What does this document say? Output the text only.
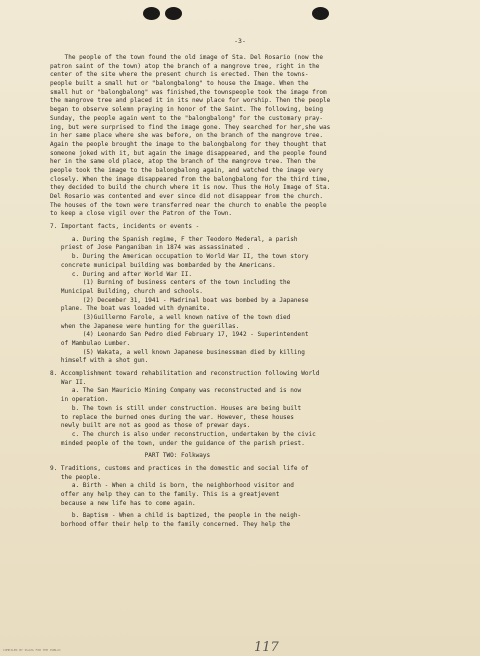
-3-
The people of the town found the old image of Sta. Del Rosario (now the
patron saint of the town) atop the branch of a mangrove tree, right in the
center of the site where the present church is erected. Then the towns-
people built a small hut or "balongbalong" to house the Image. When the
small hut or "balongbalong" was finished,the townspeople took the image from
the mangrove tree and placed it in its new place for worship. Then the people
began to observe solemn praying in honor of the Saint. The following, being
Sunday, the people again went to the "balongbalong" for the customary pray-
ing, but were surprised to find the image gone. They searched for her,she was
in her same place where she was before, on the branch of the mangrove tree.
Again the people brought the image to the balongbalong for they thought that
someone joked with it, but again the image disappeared, and the people found
her in the same old place, atop the branch of the mangrove tree. Then the
people took the image to the balongbalong again, and watched the image very
closely. When the image disappeared from the balongbalong for the third time,
they decided to build the church where it is now. Thus the Holy Image of Sta.
Del Rosario was contented and ever since did not disappear from the church.
The houses of the town were transferred near the church to enable the people
to keep a close vigil over the Patron of the Town.
7. Important facts, incidents or events -
a. During the Spanish regime, F ther Teodoro Mederal, a parish
priest of Jose Panganiban in 1874 was assassinated .
b. During the American occupation to World War II, the town story
concrete municipal building was bombarded by the Americans.
c. During and after World War II.
(1) Burning of business centers of the town including the
Municipal Building, church and schools.
(2) December 31, 1941 - Madrinal boat was bombed by a Japanese
plane. The boat was loaded with dynamite.
(3)Guillermo Farole, a well known native of the town died
when the Japanese were hunting for the guerillas.
(4) Leonardo San Pedro died February 17, 1942 - Superintendent
of Mambulao Lumber.
(5) Wakata, a well known Japanese businessman died by killing
himself with a shot gun.
8. Accomplishment toward rehabilitation and reconstruction following World
War II.
a. The San Mauricio Mining Company was reconstructed and is now
in operation.
b. The town is still under construction. Houses are being built
to replace the burned ones during the war. However, these houses
newly built are not as good as those of prewar days.
c. The church is also under reconstruction, undertaken by the civic
minded people of the town, under the guidance of the parish priest.
PART TWO: Folkways
9. Traditions, customs and practices in the domestic and social life of
the people.
a. Birth - When a child is born, the neighborhood visitor and
offer any help they can to the family. This is a greatjevent
because a new life has to come again.
b. Baptism - When a child is baptized, the people in the neigh-
borhood offer their help to the family concerned. They help the
117
COMPILED BY PLAZA FOR THE PUBLIC
